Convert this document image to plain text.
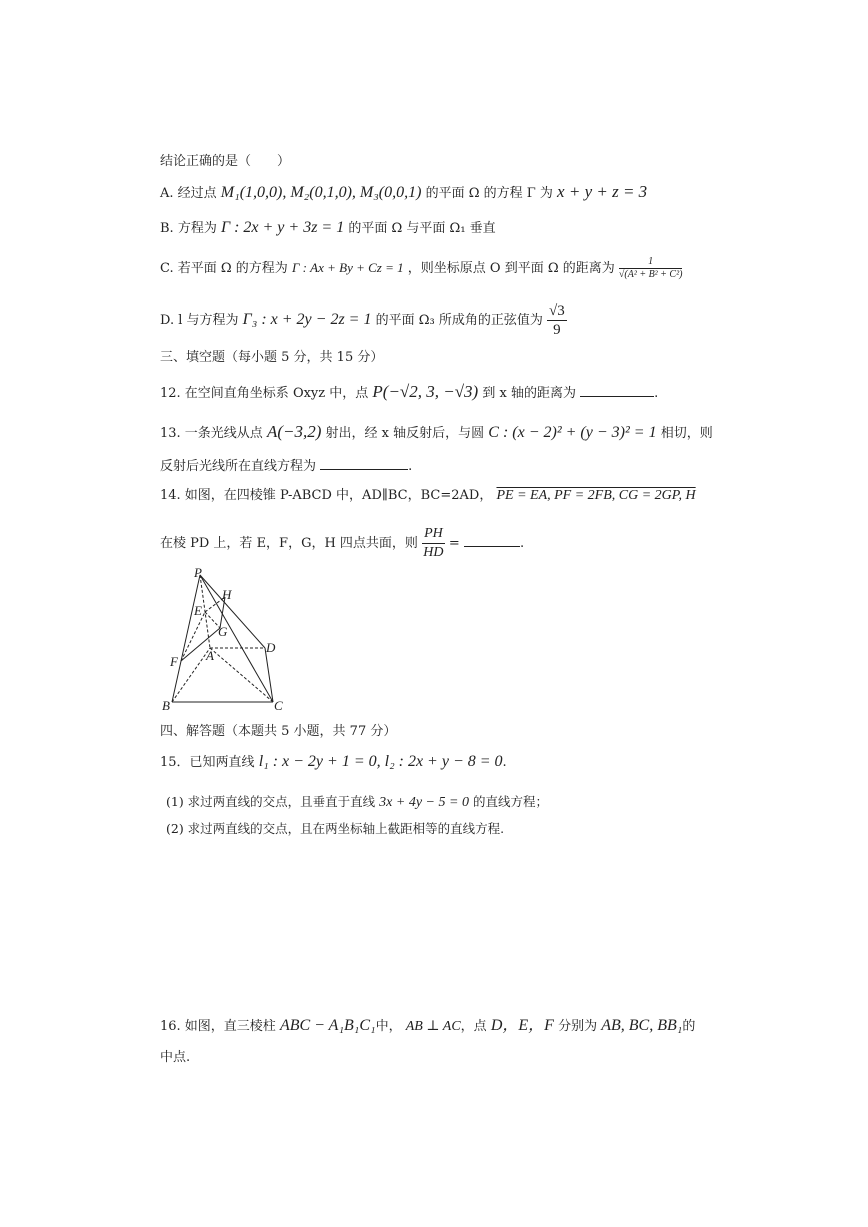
结论正确的是（　　）
A. 经过点 M₁(1,0,0), M₂(0,1,0), M₃(0,0,1) 的平面 Ω 的方程 Γ 为 x + y + z = 3
B. 方程为 Γ : 2x + y + 3z = 1 的平面 Ω 与平面 Ω₁ 垂直
C. 若平面 Ω 的方程为 Γ : Ax + By + Cz = 1 ，则坐标原点 O 到平面 Ω 的距离为 $\frac{1}{\text{√(A² + B² + C²)}}$
D. l 与方程为 Γ₃ : x + 2y − 2z = 1 的平面 Ω₃ 所成角的正弦值为 $\frac{√3}{9}$
三、填空题（每小题 5 分，共 15 分）
12. 在空间直角坐标系 Oxyz 中，点 P(−√2, 3, −√3) 到 x 轴的距离为	.
13. 一条光线从点 A(−3,2) 射出，经 x 轴反射后，与圆 C : (x − 2)² + (y − 3)² = 1 相切，则
反射后光线所在直线方程为	.
14. 如图，在四棱锥 P-ABCD 中，AD∥BC，BC=2AD， PE = EA, PF = 2FB, CG = 2GP, H
在棱 PD 上，若 E，F，G，H 四点共面，则 $\frac{PH}{HD}$ =	.
P
H
E
G
D
A
F
B	C
四、解答题（本题共 5 小题，共 77 分）
15．已知两直线 l₁ : x − 2y + 1 = 0, l₂ : 2x + y − 8 = 0.
(1) 求过两直线的交点，且垂直于直线 3x + 4y − 5 = 0 的直线方程；
(2) 求过两直线的交点，且在两坐标轴上截距相等的直线方程.
16. 如图，直三棱柱 ABC − A₁B₁C₁中， AB ⊥ AC，点 D，E，F 分别为 AB, BC, BB₁的
中点.
